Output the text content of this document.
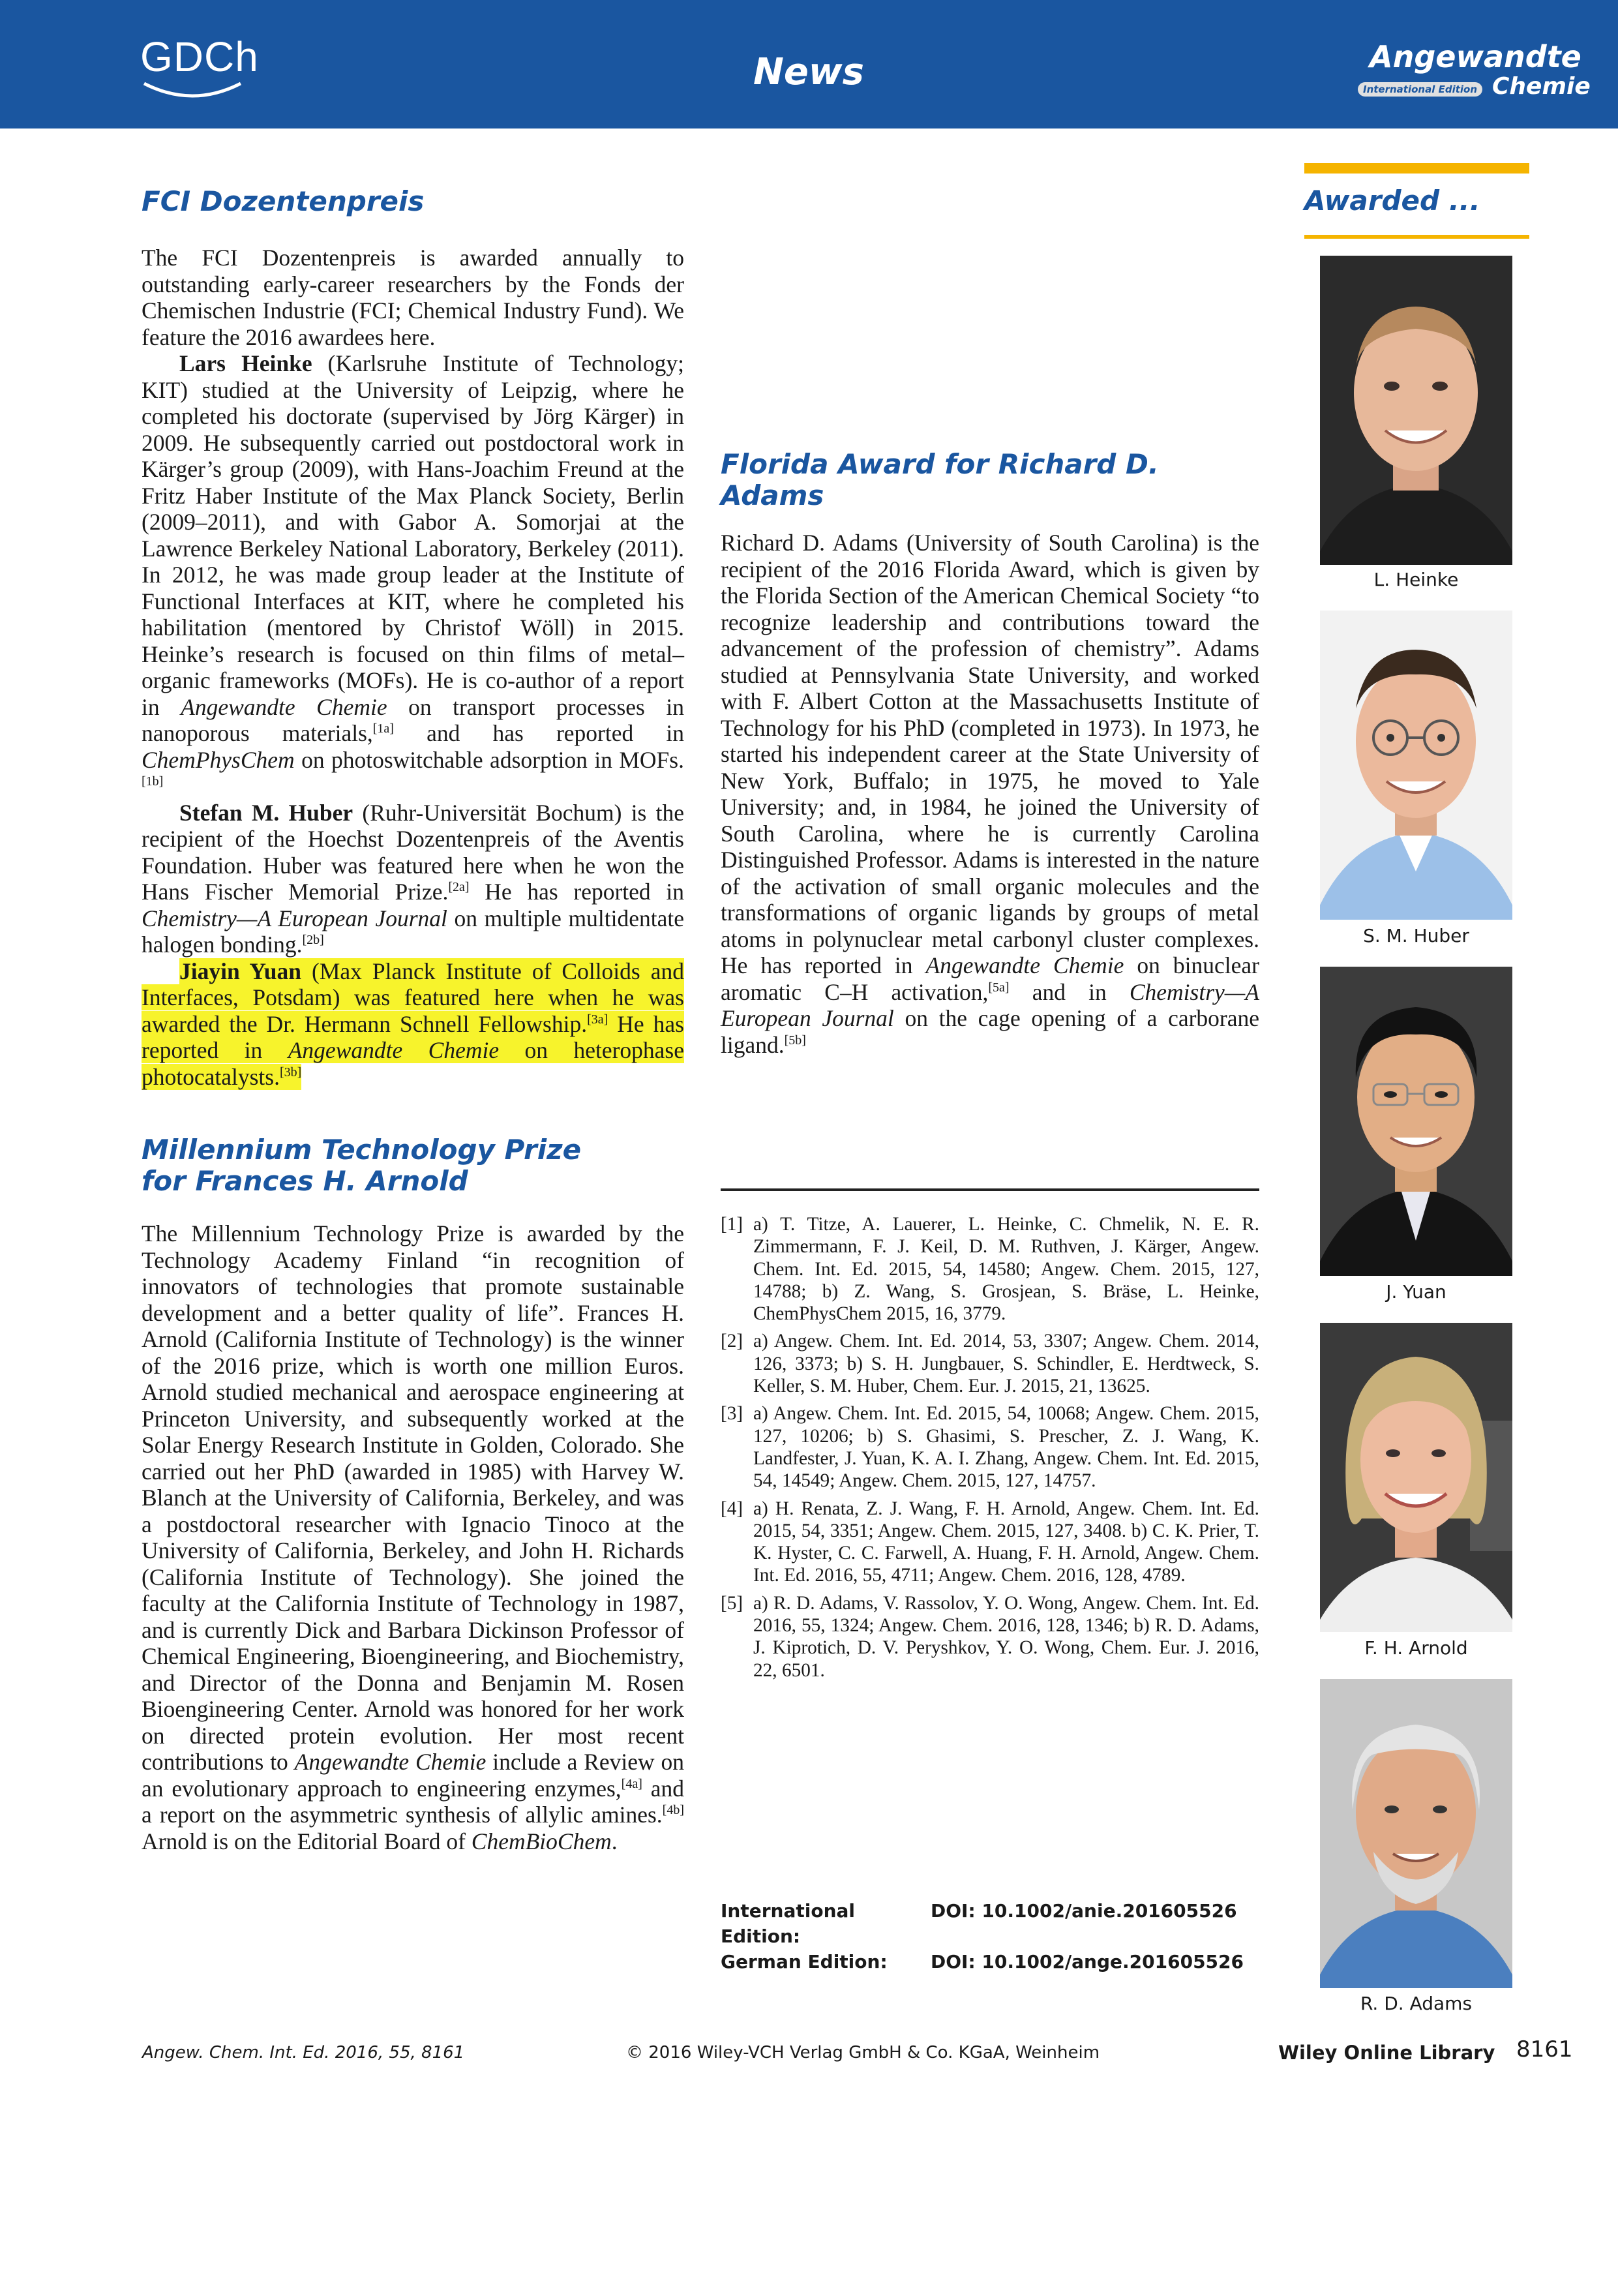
GDCh	News	Angewandte
International Edition Chemie
FCI Dozentenpreis

The FCI Dozentenpreis is awarded annually to outstanding early-career researchers by the Fonds der Chemischen Industrie (FCI; Chemical Industry Fund). We feature the 2016 awardees here.

Lars Heinke (Karlsruhe Institute of Technology; KIT) studied at the University of Leipzig, where he completed his doctorate (supervised by Jörg Kärger) in 2009. He subsequently carried out postdoctoral work in Kärger’s group (2009), with Hans-Joachim Freund at the Fritz Haber Institute of the Max Planck Society, Berlin (2009–2011), and with Gabor A. Somorjai at the Lawrence Berkeley National Laboratory, Berkeley (2011). In 2012, he was made group leader at the Institute of Functional Interfaces at KIT, where he completed his habilitation (mentored by Christof Wöll) in 2015. Heinke’s research is focused on thin films of metal–organic frameworks (MOFs). He is co-author of a report in Angewandte Chemie on transport processes in nanoporous materials,[1a] and has reported in ChemPhysChem on photoswitchable adsorption in MOFs.[1b]

Stefan M. Huber (Ruhr-Universität Bochum) is the recipient of the Hoechst Dozentenpreis of the Aventis Foundation. Huber was featured here when he won the Hans Fischer Memorial Prize.[2a] He has reported in Chemistry—A European Journal on multiple multidentate halogen bonding.[2b]

Jiayin Yuan (Max Planck Institute of Colloids and Interfaces, Potsdam) was featured here when he was awarded the Dr. Hermann Schnell Fellowship.[3a] He has reported in Angewandte Chemie on heterophase photocatalysts.[3b]

Millennium Technology Prize for Frances H. Arnold

The Millennium Technology Prize is awarded by the Technology Academy Finland “in recognition of innovators of technologies that promote sustainable development and a better quality of life”. Frances H. Arnold (California Institute of Technology) is the winner of the 2016 prize, which is worth one million Euros. Arnold studied mechanical and aerospace engineering at Princeton University, and subsequently worked at the Solar Energy Research Institute in Golden, Colorado. She carried out her PhD (awarded in 1985) with Harvey W. Blanch at the University of California, Berkeley, and was a postdoctoral researcher with Ignacio Tinoco at the University of California, Berkeley, and John H. Richards (California Institute of Technology). She joined the faculty at the California Institute of Technology in 1987, and is currently Dick and Barbara Dickinson Professor of Chemical Engineering, Bioengineering, and Biochemistry, and Director of the Donna and Benjamin M. Rosen Bioengineering Center. Arnold was honored for her work on directed protein evolution. Her most recent contributions to Angewandte Chemie include a Review on an evolutionary approach to engineering enzymes,[4a] and a report on the asymmetric synthesis of allylic amines.[4b] Arnold is on the Editorial Board of ChemBioChem.

Florida Award for Richard D. Adams

Richard D. Adams (University of South Carolina) is the recipient of the 2016 Florida Award, which is given by the Florida Section of the American Chemical Society “to recognize leadership and contributions toward the advancement of the profession of chemistry”. Adams studied at Pennsylvania State University, and worked with F. Albert Cotton at the Massachusetts Institute of Technology for his PhD (completed in 1973). In 1973, he started his independent career at the State University of New York, Buffalo; in 1975, he moved to Yale University; and, in 1984, he joined the University of South Carolina, where he is currently Carolina Distinguished Professor. Adams is interested in the nature of the activation of small organic molecules and the transformations of organic ligands by groups of metal atoms in polynuclear metal carbonyl cluster complexes. He has reported in Angewandte Chemie on binuclear aromatic C–H activation,[5a] and in Chemistry—A European Journal on the cage opening of a carborane ligand.[5b]

[1] a) T. Titze, A. Lauerer, L. Heinke, C. Chmelik, N. E. R. Zimmermann, F. J. Keil, D. M. Ruthven, J. Kärger, Angew. Chem. Int. Ed. 2015, 54, 14580; Angew. Chem. 2015, 127, 14788; b) Z. Wang, S. Grosjean, S. Bräse, L. Heinke, ChemPhysChem 2015, 16, 3779.
[2] a) Angew. Chem. Int. Ed. 2014, 53, 3307; Angew. Chem. 2014, 126, 3373; b) S. H. Jungbauer, S. Schindler, E. Herdtweck, S. Keller, S. M. Huber, Chem. Eur. J. 2015, 21, 13625.
[3] a) Angew. Chem. Int. Ed. 2015, 54, 10068; Angew. Chem. 2015, 127, 10206; b) S. Ghasimi, S. Prescher, Z. J. Wang, K. Landfester, J. Yuan, K. A. I. Zhang, Angew. Chem. Int. Ed. 2015, 54, 14549; Angew. Chem. 2015, 127, 14757.
[4] a) H. Renata, Z. J. Wang, F. H. Arnold, Angew. Chem. Int. Ed. 2015, 54, 3351; Angew. Chem. 2015, 127, 3408. b) C. K. Prier, T. K. Hyster, C. C. Farwell, A. Huang, F. H. Arnold, Angew. Chem. Int. Ed. 2016, 55, 4711; Angew. Chem. 2016, 128, 4789.
[5] a) R. D. Adams, V. Rassolov, Y. O. Wong, Angew. Chem. Int. Ed. 2016, 55, 1324; Angew. Chem. 2016, 128, 1346; b) R. D. Adams, J. Kiprotich, D. V. Peryshkov, Y. O. Wong, Chem. Eur. J. 2016, 22, 6501.
International Edition:
DOI: 10.1002/anie.201605526
German Edition:	DOI: 10.1002/ange.201605526
Awarded ...
L. Heinke
S. M. Huber
J. Yuan
F. H. Arnold
R. D. Adams
Angew. Chem. Int. Ed. 2016, 55, 8161	© 2016 Wiley-VCH Verlag GmbH & Co. KGaA, Weinheim	Wiley Online Library 8161
